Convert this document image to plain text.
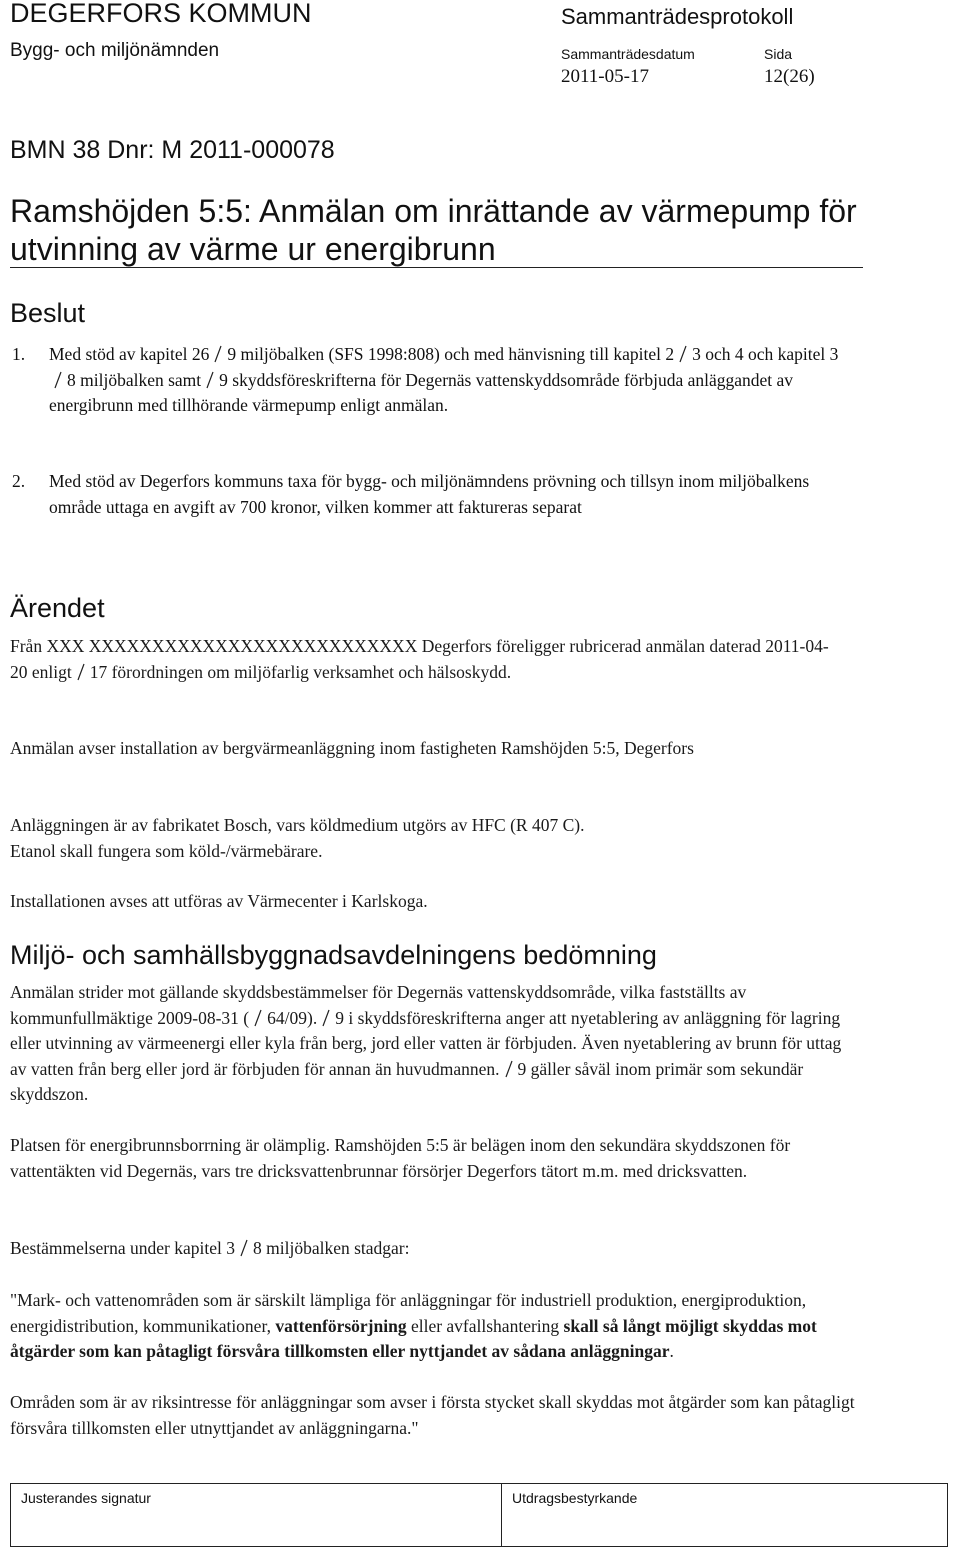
DEGERFORS KOMMUN
Bygg- och miljönämnden
Sammanträdesprotokoll
Sammanträdesdatum	Sida
2011-05-17	12(26)
BMN 38 Dnr: M 2011-000078
Ramshöjden 5:5: Anmälan om inrättande av värmepump för utvinning av värme ur energibrunn
Beslut
1. Med stöd av kapitel 26 9 miljöbalken (SFS 1998:808) och med hänvisning till kapitel 2 3 och 4 och kapitel 38 miljöbalken samt 9 skyddsföreskrifterna för Degernäs vattenskyddsområde förbjuda anläggandet av energibrunn med tillhörande värmepump enligt anmälan.
2. Med stöd av Degerfors kommuns taxa för bygg- och miljönämndens prövning och tillsyn inom miljöbalkens område uttaga en avgift av 700 kronor, vilken kommer att faktureras separat
Ärendet
Från XXX XXXXXXXXXXXXXXXXXXXXXXXXXX Degerfors föreligger rubricerad anmälan daterad 2011-04-20 enligt 17 förordningen om miljöfarlig verksamhet och hälsoskydd.
Anmälan avser installation av bergvärmeanläggning inom fastigheten Ramshöjden 5:5, Degerfors
Anläggningen är av fabrikatet Bosch, vars köldmedium utgörs av HFC (R 407 C).
Etanol skall fungera som köld-/värmebärare.
Installationen avses att utföras av Värmecenter i Karlskoga.
Miljö- och samhällsbyggnadsavdelningens bedömning
Anmälan strider mot gällande skyddsbestämmelser för Degernäs vattenskyddsområde, vilka fastställts av kommunfullmäktige 2009-08-31 ( 64/09). 9 i skyddsföreskrifterna anger att nyetablering av anläggning för lagring eller utvinning av värmeenergi eller kyla från berg, jord eller vatten är förbjuden. Även nyetablering av brunn för uttag av vatten från berg eller jord är förbjuden för annan än huvudmannen. 9 gäller såväl inom primär som sekundär skyddszon.
Platsen för energibrunnsborrning är olämplig. Ramshöjden 5:5 är belägen inom den sekundära skyddszonen för vattentäkten vid Degernäs, vars tre dricksvattenbrunnar försörjer Degerfors tätort m.m. med dricksvatten.
Bestämmelserna under kapitel 3 8 miljöbalken stadgar:
"Mark- och vattenområden som är särskilt lämpliga för anläggningar för industriell produktion, energiproduktion, energidistribution, kommunikationer, vattenförsörjning eller avfallshantering skall så långt möjligt skyddas mot åtgärder som kan påtagligt försvåra tillkomsten eller nyttjandet av sådana anläggningar.
Områden som är av riksintresse för anläggningar som avser i första stycket skall skyddas mot åtgärder som kan påtagligt försvåra tillkomsten eller utnyttjandet av anläggningarna."
Justerandes signatur	Utdragsbestyrkande
